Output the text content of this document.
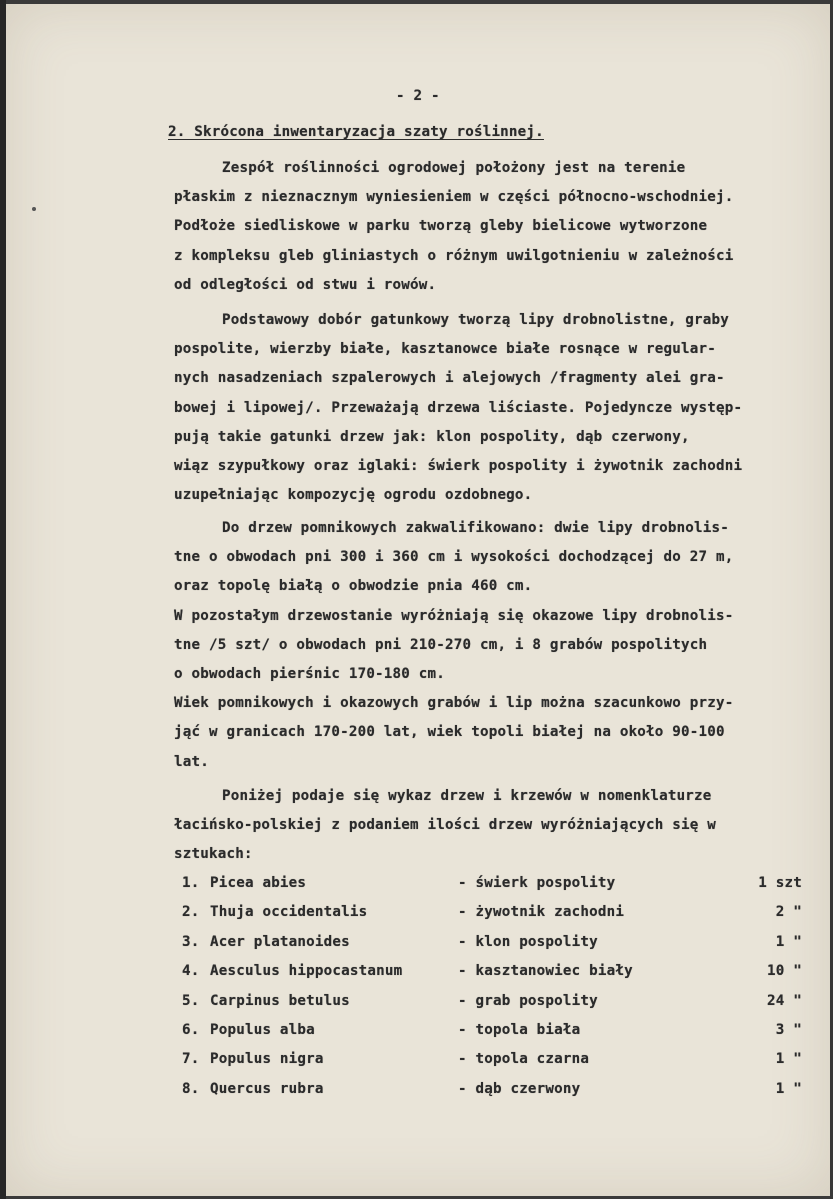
- 2 -
2. Skrócona inwentaryzacja szaty roślinnej.
Zespół roślinności ogrodowej położony jest na terenie
płaskim z nieznacznym wyniesieniem w części północno-wschodniej.
Podłoże siedliskowe w parku tworzą gleby bielicowe wytworzone
z kompleksu gleb gliniastych o różnym uwilgotnieniu w zależności
od odległości od stwu i rowów.
Podstawowy dobór gatunkowy tworzą lipy drobnolistne, graby
pospolite, wierzby białe, kasztanowce białe rosnące w regular-
nych nasadzeniach szpalerowych i alejowych /fragmenty alei gra-
bowej i lipowej/. Przeważają drzewa liściaste. Pojedyncze występ-
pują takie gatunki drzew jak: klon pospolity, dąb czerwony,
wiąz szypułkowy oraz iglaki: świerk pospolity i żywotnik zachodni
uzupełniając kompozycję ogrodu ozdobnego.
Do drzew pomnikowych zakwalifikowano: dwie lipy drobnolis-
tne o obwodach pni 300 i 360 cm i wysokości dochodzącej do 27 m,
oraz topolę białą o obwodzie pnia 460 cm.
W pozostałym drzewostanie wyróżniają się okazowe lipy drobnolis-
tne /5 szt/ o obwodach pni 210-270 cm, i 8 grabów pospolitych
o obwodach pierśnic 170-180 cm.
Wiek pomnikowych i okazowych grabów i lip można szacunkowo przy-
jąć w granicach 170-200 lat, wiek topoli białej na około 90-100
lat.
Poniżej podaje się wykaz drzew i krzewów w nomenklaturze
łacińsko-polskiej z podaniem ilości drzew wyróżniających się w
sztukach:
1. Picea abies	- świerk pospolity	1 szt
2. Thuja occidentalis	- żywotnik zachodni	2 "
3. Acer platanoides	- klon pospolity	1 "
4. Aesculus hippocastanum	- kasztanowiec biały	10 "
5. Carpinus betulus	- grab pospolity	24 "
6. Populus alba	- topola biała	3 "
7. Populus nigra	- topola czarna	1 "
8. Quercus rubra	- dąb czerwony	1 "
